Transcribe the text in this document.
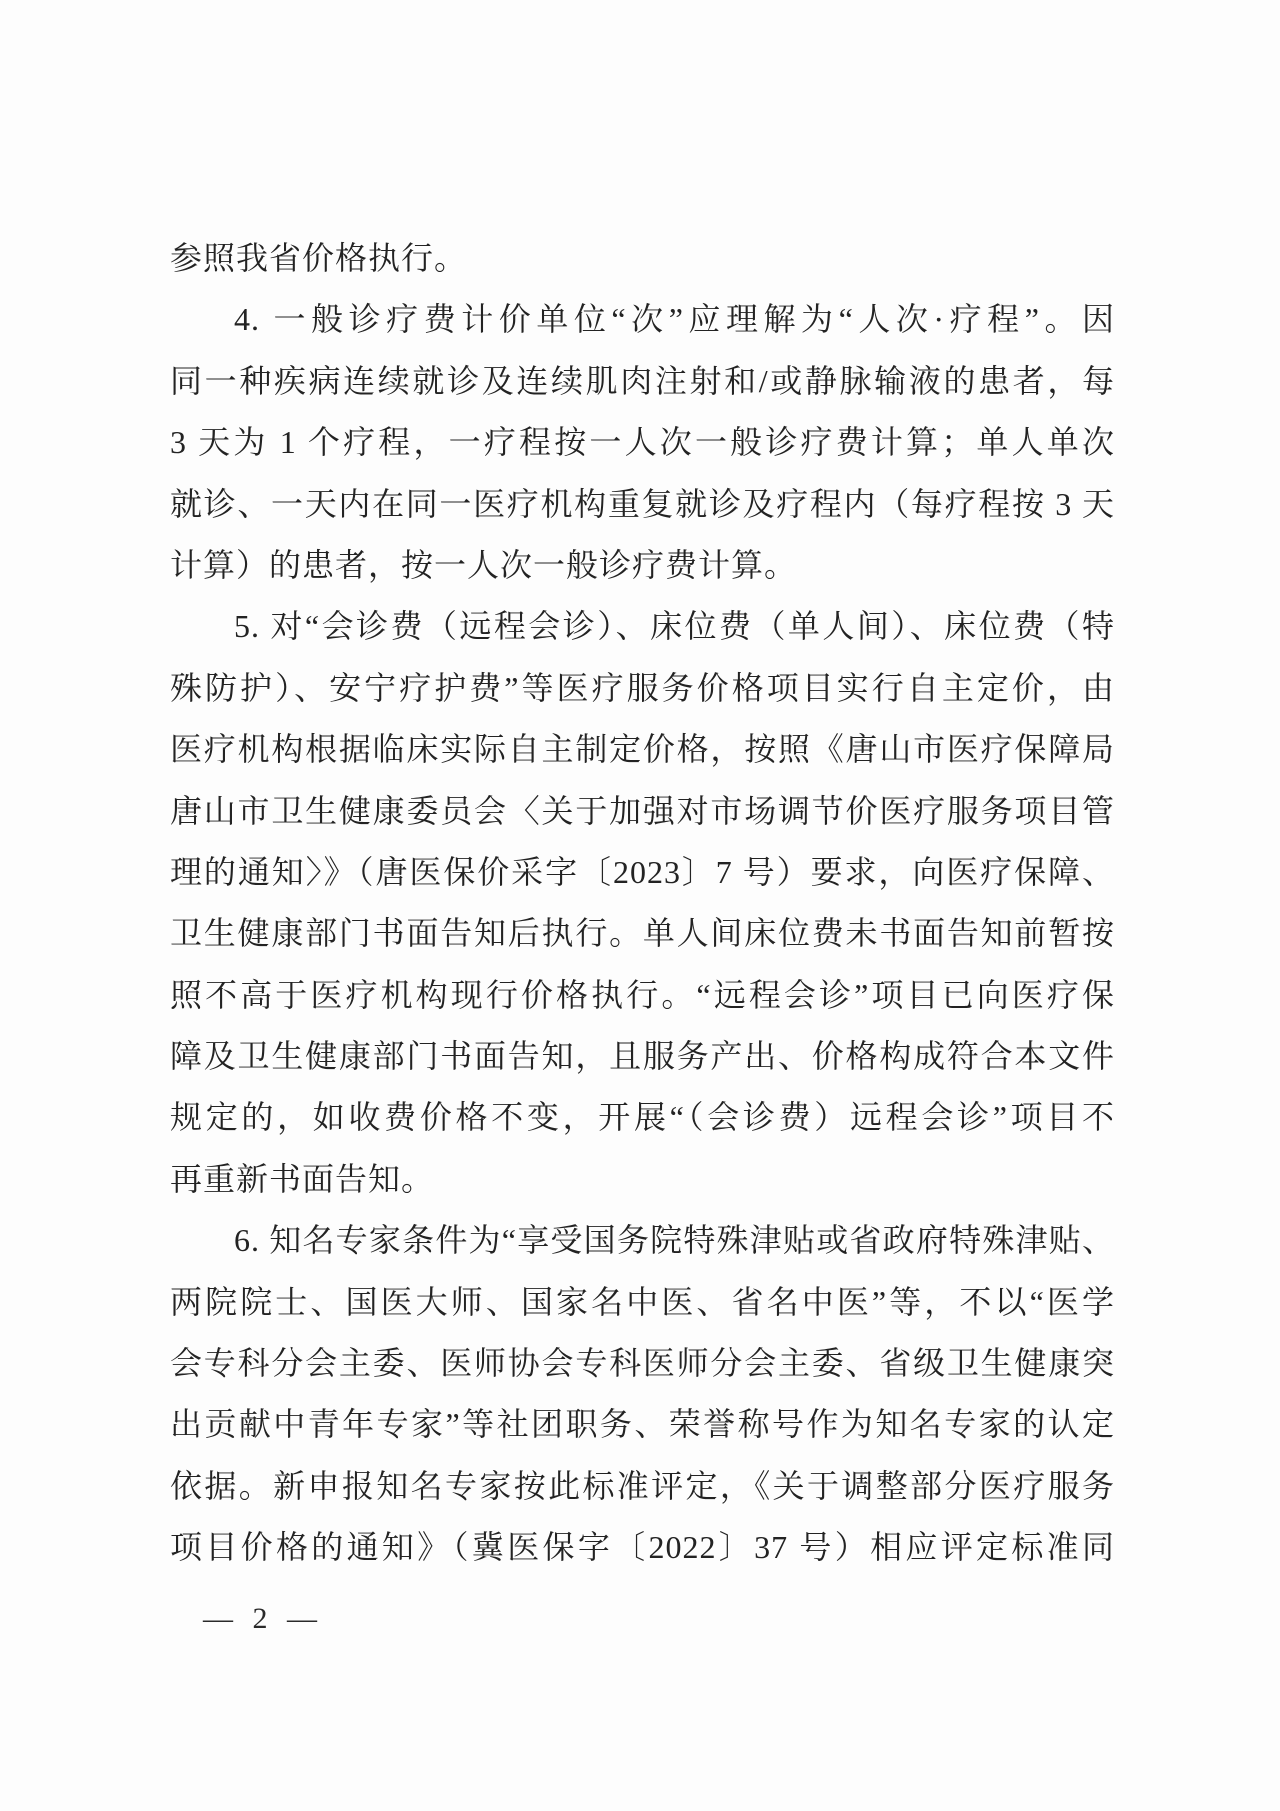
参照我省价格执行。
4. 一般诊疗费计价单位“次”应理解为“人次·疗程”。因
同一种疾病连续就诊及连续肌肉注射和/或静脉输液的患者，每
3 天为 1 个疗程，一疗程按一人次一般诊疗费计算；单人单次
就诊、一天内在同一医疗机构重复就诊及疗程内（每疗程按 3 天
计算）的患者，按一人次一般诊疗费计算。
5. 对“会诊费（远程会诊）、床位费（单人间）、床位费（特
殊防护）、安宁疗护费”等医疗服务价格项目实行自主定价，由
医疗机构根据临床实际自主制定价格，按照《唐山市医疗保障局
唐山市卫生健康委员会〈关于加强对市场调节价医疗服务项目管
理的通知〉》（唐医保价采字〔2023〕7 号）要求，向医疗保障、
卫生健康部门书面告知后执行。单人间床位费未书面告知前暂按
照不高于医疗机构现行价格执行。“远程会诊”项目已向医疗保
障及卫生健康部门书面告知，且服务产出、价格构成符合本文件
规定的，如收费价格不变，开展“（会诊费）远程会诊”项目不
再重新书面告知。
6. 知名专家条件为“享受国务院特殊津贴或省政府特殊津贴、
两院院士、国医大师、国家名中医、省名中医”等，不以“医学
会专科分会主委、医师协会专科医师分会主委、省级卫生健康突
出贡献中青年专家”等社团职务、荣誉称号作为知名专家的认定
依据。新申报知名专家按此标准评定，《关于调整部分医疗服务
项目价格的通知》（冀医保字〔2022〕37 号）相应评定标准同
— 2 —
